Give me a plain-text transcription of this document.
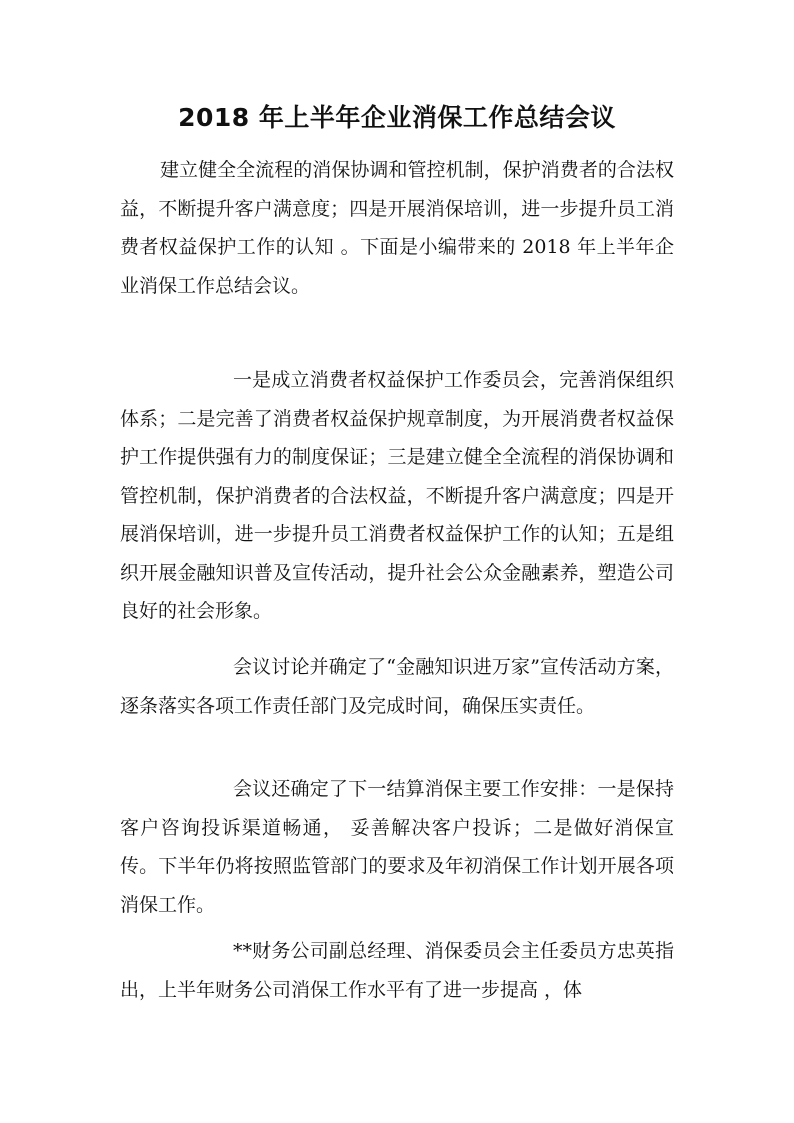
2018 年上半年企业消保工作总结会议

建立健全全流程的消保协调和管控机制，保护消费者的合法权益，不断提升客户满意度；四是开展消保培训，进一步提升员工消费者权益保护工作的认知 。下面是小编带来的 2018 年上半年企业消保工作总结会议。

一是成立消费者权益保护工作委员会，完善消保组织体系；二是完善了消费者权益保护规章制度，为开展消费者权益保护工作提供强有力的制度保证；三是建立健全全流程的消保协调和管控机制，保护消费者的合法权益，不断提升客户满意度；四是开展消保培训，进一步提升员工消费者权益保护工作的认知；五是组织开展金融知识普及宣传活动，提升社会公众金融素养，塑造公司良好的社会形象。

会议讨论并确定了“金融知识进万家”宣传活动方案，逐条落实各项工作责任部门及完成时间，确保压实责任。

会议还确定了下一结算消保主要工作安排：一是保持客户咨询投诉渠道畅通， 妥善解决客户投诉；二是做好消保宣传。下半年仍将按照监管部门的要求及年初消保工作计划开展各项消保工作。

**财务公司副总经理、消保委员会主任委员方忠英指出，上半年财务公司消保工作水平有了进一步提高 ，体
